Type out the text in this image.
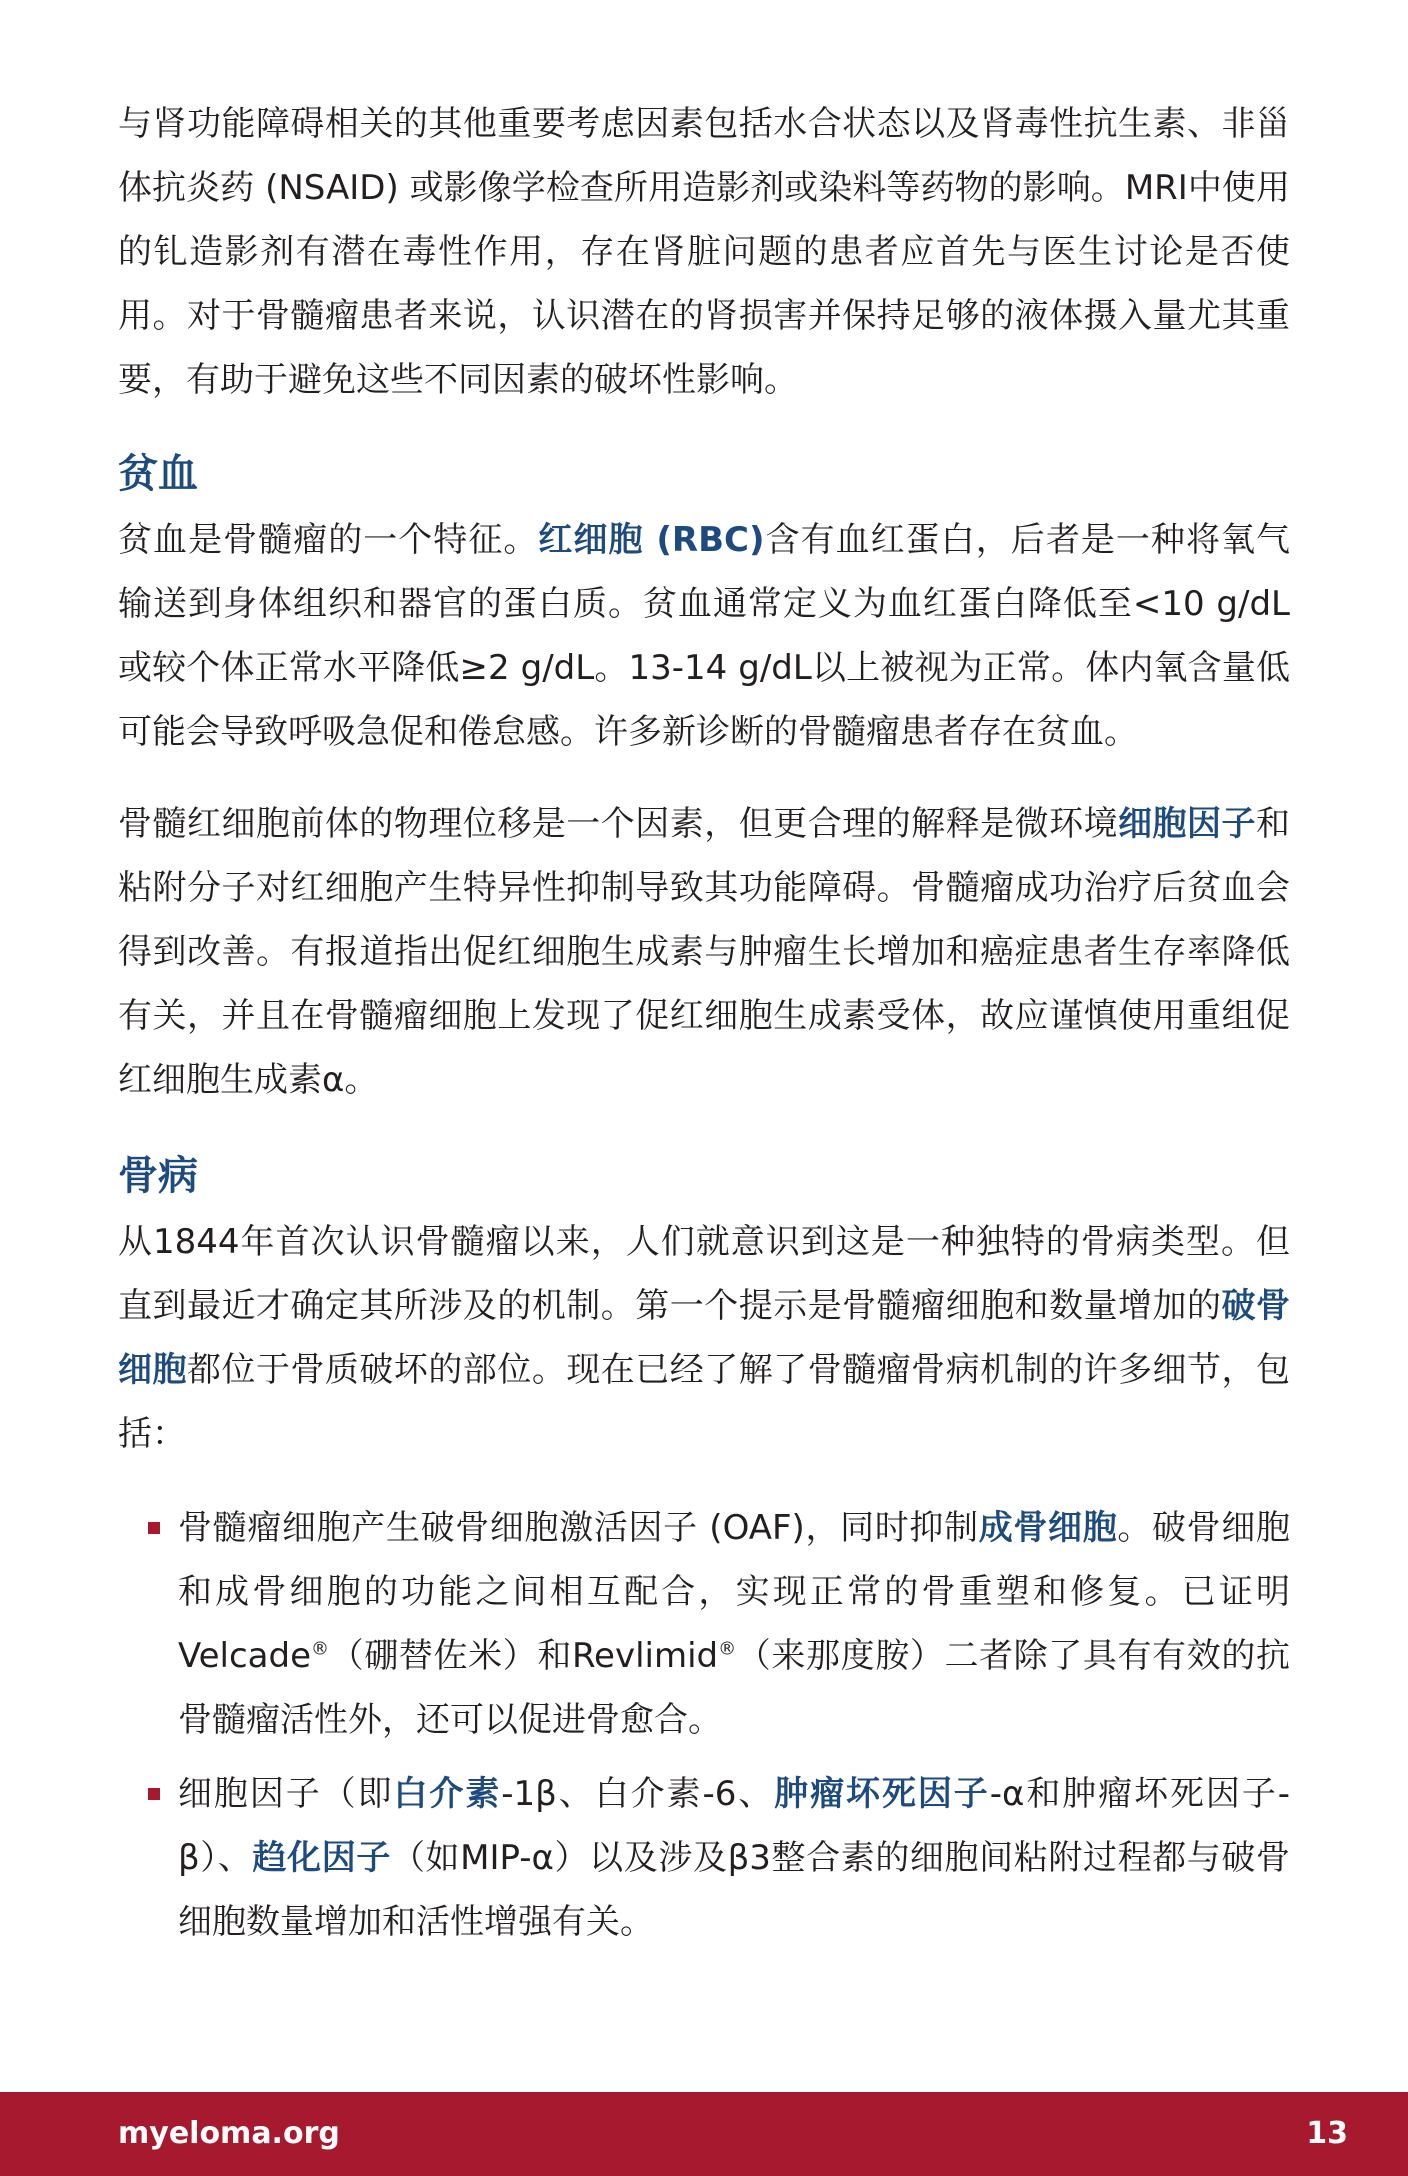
与肾功能障碍相关的其他重要考虑因素包括水合状态以及肾毒性抗生素、非甾体抗炎药 (NSAID) 或影像学检查所用造影剂或染料等药物的影响。MRI中使用的钆造影剂有潜在毒性作用，存在肾脏问题的患者应首先与医生讨论是否使用。对于骨髓瘤患者来说，认识潜在的肾损害并保持足够的液体摄入量尤其重要，有助于避免这些不同因素的破坏性影响。

贫血

贫血是骨髓瘤的一个特征。红细胞 (RBC)含有血红蛋白，后者是一种将氧气输送到身体组织和器官的蛋白质。贫血通常定义为血红蛋白降低至<10 g/dL或较个体正常水平降低≥2 g/dL。13-14 g/dL以上被视为正常。体内氧含量低可能会导致呼吸急促和倦怠感。许多新诊断的骨髓瘤患者存在贫血。

骨髓红细胞前体的物理位移是一个因素，但更合理的解释是微环境细胞因子和粘附分子对红细胞产生特异性抑制导致其功能障碍。骨髓瘤成功治疗后贫血会得到改善。有报道指出促红细胞生成素与肿瘤生长增加和癌症患者生存率降低有关，并且在骨髓瘤细胞上发现了促红细胞生成素受体，故应谨慎使用重组促红细胞生成素α。

骨病

从1844年首次认识骨髓瘤以来，人们就意识到这是一种独特的骨病类型。但直到最近才确定其所涉及的机制。第一个提示是骨髓瘤细胞和数量增加的破骨细胞都位于骨质破坏的部位。现在已经了解了骨髓瘤骨病机制的许多细节，包括：

骨髓瘤细胞产生破骨细胞激活因子 (OAF)，同时抑制成骨细胞。破骨细胞和成骨细胞的功能之间相互配合，实现正常的骨重塑和修复。已证明Velcade®（硼替佐米）和Revlimid®（来那度胺）二者除了具有有效的抗骨髓瘤活性外，还可以促进骨愈合。
细胞因子（即白介素-1β、白介素-6、肿瘤坏死因子-α和肿瘤坏死因子-β）、趋化因子（如MIP-α）以及涉及β3整合素的细胞间粘附过程都与破骨细胞数量增加和活性增强有关。
myeloma.org	13
